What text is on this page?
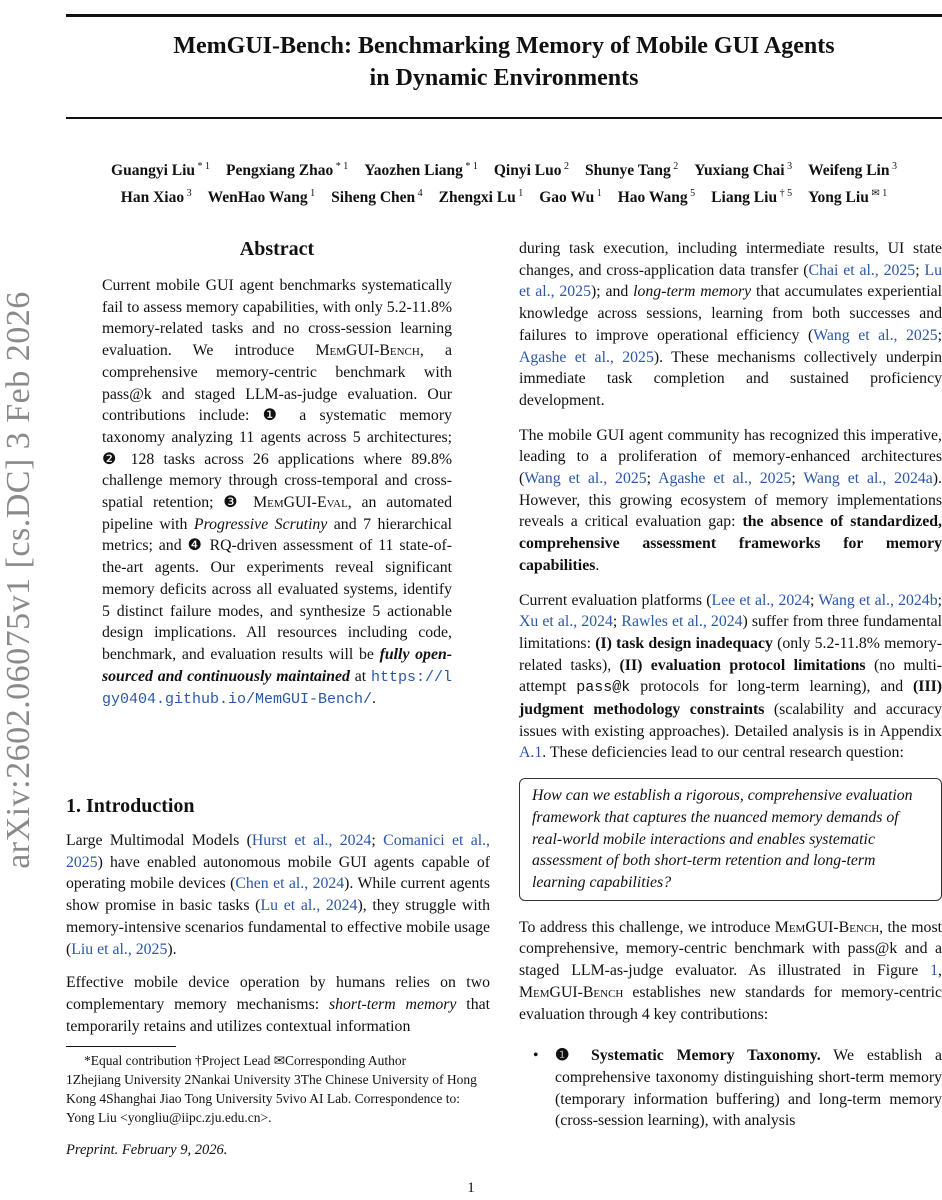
arXiv:2602.06075v1 [cs.DC] 3 Feb 2026
MemGUI-Bench: Benchmarking Memory of Mobile GUI Agents
in Dynamic Environments
Guangyi Liu $^{* 1}$ Pengxiang Zhao $^{* 1}$ Yaozhen Liang $^{* 1}$ Qinyi Luo $^2$ Shunye Tang $^2$ Yuxiang Chai $^3$ Weifeng Lin $^3$
Han Xiao $^3$ WenHao Wang $^1$ Siheng Chen $^4$ Zhengxi Lu $^1$ Gao Wu $^1$ Hao Wang $^5$ Liang Liu $^{\dagger 5}$ Yong Liu $^{✉ 1}$
Abstract
Current mobile GUI agent benchmarks systematically fail to assess memory capabilities, with only 5.2-11.8% memory-related tasks and no cross-session learning evaluation. We introduce MemGUI-Bench, a comprehensive memory-centric benchmark with pass@k and staged LLM-as-judge evaluation. Our contributions include: ❶ a systematic memory taxonomy analyzing 11 agents across 5 architectures; ❷ 128 tasks across 26 applications where 89.8% challenge memory through cross-temporal and cross-spatial retention; ❸ MemGUI-Eval, an automated pipeline with Progressive Scrutiny and 7 hierarchical metrics; and ❹ RQ-driven assessment of 11 state-of-the-art agents. Our experiments reveal significant memory deficits across all evaluated systems, identify 5 distinct failure modes, and synthesize 5 actionable design implications. All resources including code, benchmark, and evaluation results will be fully open-sourced and continuously maintained at https://lgy0404.github.io/MemGUI-Bench/.
1. Introduction

Large Multimodal Models (Hurst et al., 2024; Comanici et al., 2025) have enabled autonomous mobile GUI agents capable of operating mobile devices (Chen et al., 2024). While current agents show promise in basic tasks (Lu et al., 2024), they struggle with memory-intensive scenarios fundamental to effective mobile usage (Liu et al., 2025).

Effective mobile device operation by humans relies on two complementary memory mechanisms: short-term memory that temporarily retains and utilizes contextual information

*Equal contribution †Project Lead ✉Corresponding Author
1Zhejiang University 2Nankai University 3The Chinese University of Hong Kong 4Shanghai Jiao Tong University 5vivo AI Lab. Correspondence to: Yong Liu <yongliu@iipc.zju.edu.cn>.
Preprint. February 9, 2026.
1

during task execution, including intermediate results, UI state changes, and cross-application data transfer (Chai et al., 2025; Lu et al., 2025); and long-term memory that accumulates experiential knowledge across sessions, learning from both successes and failures to improve operational efficiency (Wang et al., 2025; Agashe et al., 2025). These mechanisms collectively underpin immediate task completion and sustained proficiency development.

The mobile GUI agent community has recognized this imperative, leading to a proliferation of memory-enhanced architectures (Wang et al., 2025; Agashe et al., 2025; Wang et al., 2024a). However, this growing ecosystem of memory implementations reveals a critical evaluation gap: the absence of standardized, comprehensive assessment frameworks for memory capabilities.

Current evaluation platforms (Lee et al., 2024; Wang et al., 2024b; Xu et al., 2024; Rawles et al., 2024) suffer from three fundamental limitations: (I) task design inadequacy (only 5.2-11.8% memory-related tasks), (II) evaluation protocol limitations (no multi-attempt pass@k protocols for long-term learning), and (III) judgment methodology constraints (scalability and accuracy issues with existing approaches). Detailed analysis is in Appendix A.1. These deficiencies lead to our central research question:

How can we establish a rigorous, comprehensive evaluation framework that captures the nuanced memory demands of real-world mobile interactions and enables systematic assessment of both short-term retention and long-term learning capabilities?

To address this challenge, we introduce MemGUI-Bench, the most comprehensive, memory-centric benchmark with pass@k and a staged LLM-as-judge evaluator. As illustrated in Figure 1, MemGUI-Bench establishes new standards for memory-centric evaluation through 4 key contributions:

•	❶ Systematic Memory Taxonomy. We establish a comprehensive taxonomy distinguishing short-term memory (temporary information buffering) and long-term memory (cross-session learning), with analysis
